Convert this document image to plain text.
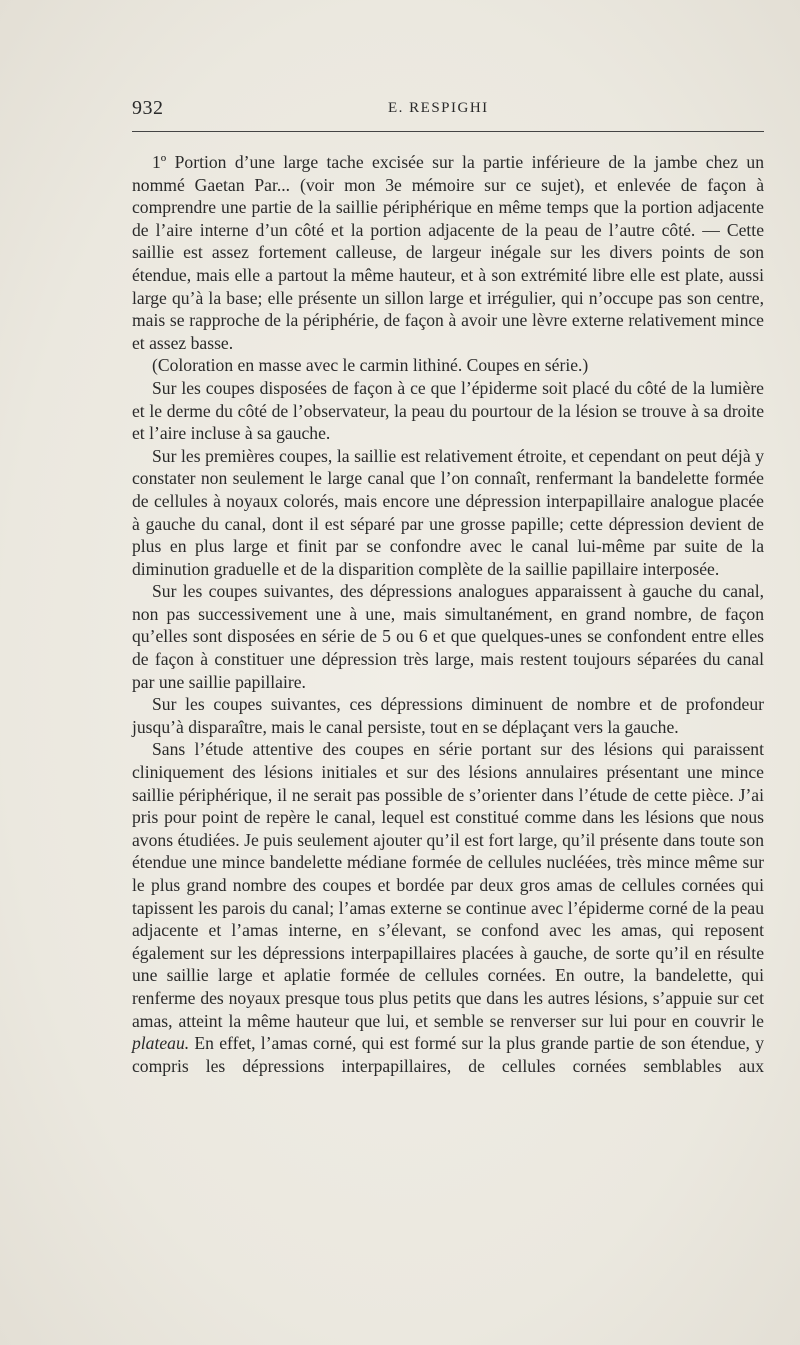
932	E. RESPIGHI

1º Portion d’une large tache excisée sur la partie inférieure de la jambe chez un nommé Gaetan Par... (voir mon 3e mémoire sur ce sujet), et enlevée de façon à comprendre une partie de la saillie périphérique en même temps que la portion adjacente de l’aire interne d’un côté et la portion adjacente de la peau de l’autre côté. — Cette saillie est assez fortement calleuse, de largeur inégale sur les divers points de son étendue, mais elle a partout la même hauteur, et à son extrémité libre elle est plate, aussi large qu’à la base; elle présente un sillon large et irrégulier, qui n’occupe pas son centre, mais se rapproche de la périphérie, de façon à avoir une lèvre externe relativement mince et assez basse.

(Coloration en masse avec le carmin lithiné. Coupes en série.)

Sur les coupes disposées de façon à ce que l’épiderme soit placé du côté de la lumière et le derme du côté de l’observateur, la peau du pourtour de la lésion se trouve à sa droite et l’aire incluse à sa gauche.

Sur les premières coupes, la saillie est relativement étroite, et cependant on peut déjà y constater non seulement le large canal que l’on connaît, renfermant la bandelette formée de cellules à noyaux colorés, mais encore une dépression interpapillaire analogue placée à gauche du canal, dont il est séparé par une grosse papille; cette dépression devient de plus en plus large et finit par se confondre avec le canal lui-même par suite de la diminution graduelle et de la disparition complète de la saillie papillaire interposée.

Sur les coupes suivantes, des dépressions analogues apparaissent à gauche du canal, non pas successivement une à une, mais simultanément, en grand nombre, de façon qu’elles sont disposées en série de 5 ou 6 et que quelques-unes se confondent entre elles de façon à constituer une dépression très large, mais restent toujours séparées du canal par une saillie papillaire.

Sur les coupes suivantes, ces dépressions diminuent de nombre et de profondeur jusqu’à disparaître, mais le canal persiste, tout en se déplaçant vers la gauche.

Sans l’étude attentive des coupes en série portant sur des lésions qui paraissent cliniquement des lésions initiales et sur des lésions annulaires présentant une mince saillie périphérique, il ne serait pas possible de s’orienter dans l’étude de cette pièce. J’ai pris pour point de repère le canal, lequel est constitué comme dans les lésions que nous avons étudiées. Je puis seulement ajouter qu’il est fort large, qu’il présente dans toute son étendue une mince bandelette médiane formée de cellules nucléées, très mince même sur le plus grand nombre des coupes et bordée par deux gros amas de cellules cornées qui tapissent les parois du canal; l’amas externe se continue avec l’épiderme corné de la peau adjacente et l’amas interne, en s’élevant, se confond avec les amas, qui reposent également sur les dépressions interpapillaires placées à gauche, de sorte qu’il en résulte une saillie large et aplatie formée de cellules cornées. En outre, la bandelette, qui renferme des noyaux presque tous plus petits que dans les autres lésions, s’appuie sur cet amas, atteint la même hauteur que lui, et semble se renverser sur lui pour en couvrir le plateau. En effet, l’amas corné, qui est formé sur la plus grande partie de son étendue, y compris les dépressions interpapillaires, de cellules cornées semblables aux
